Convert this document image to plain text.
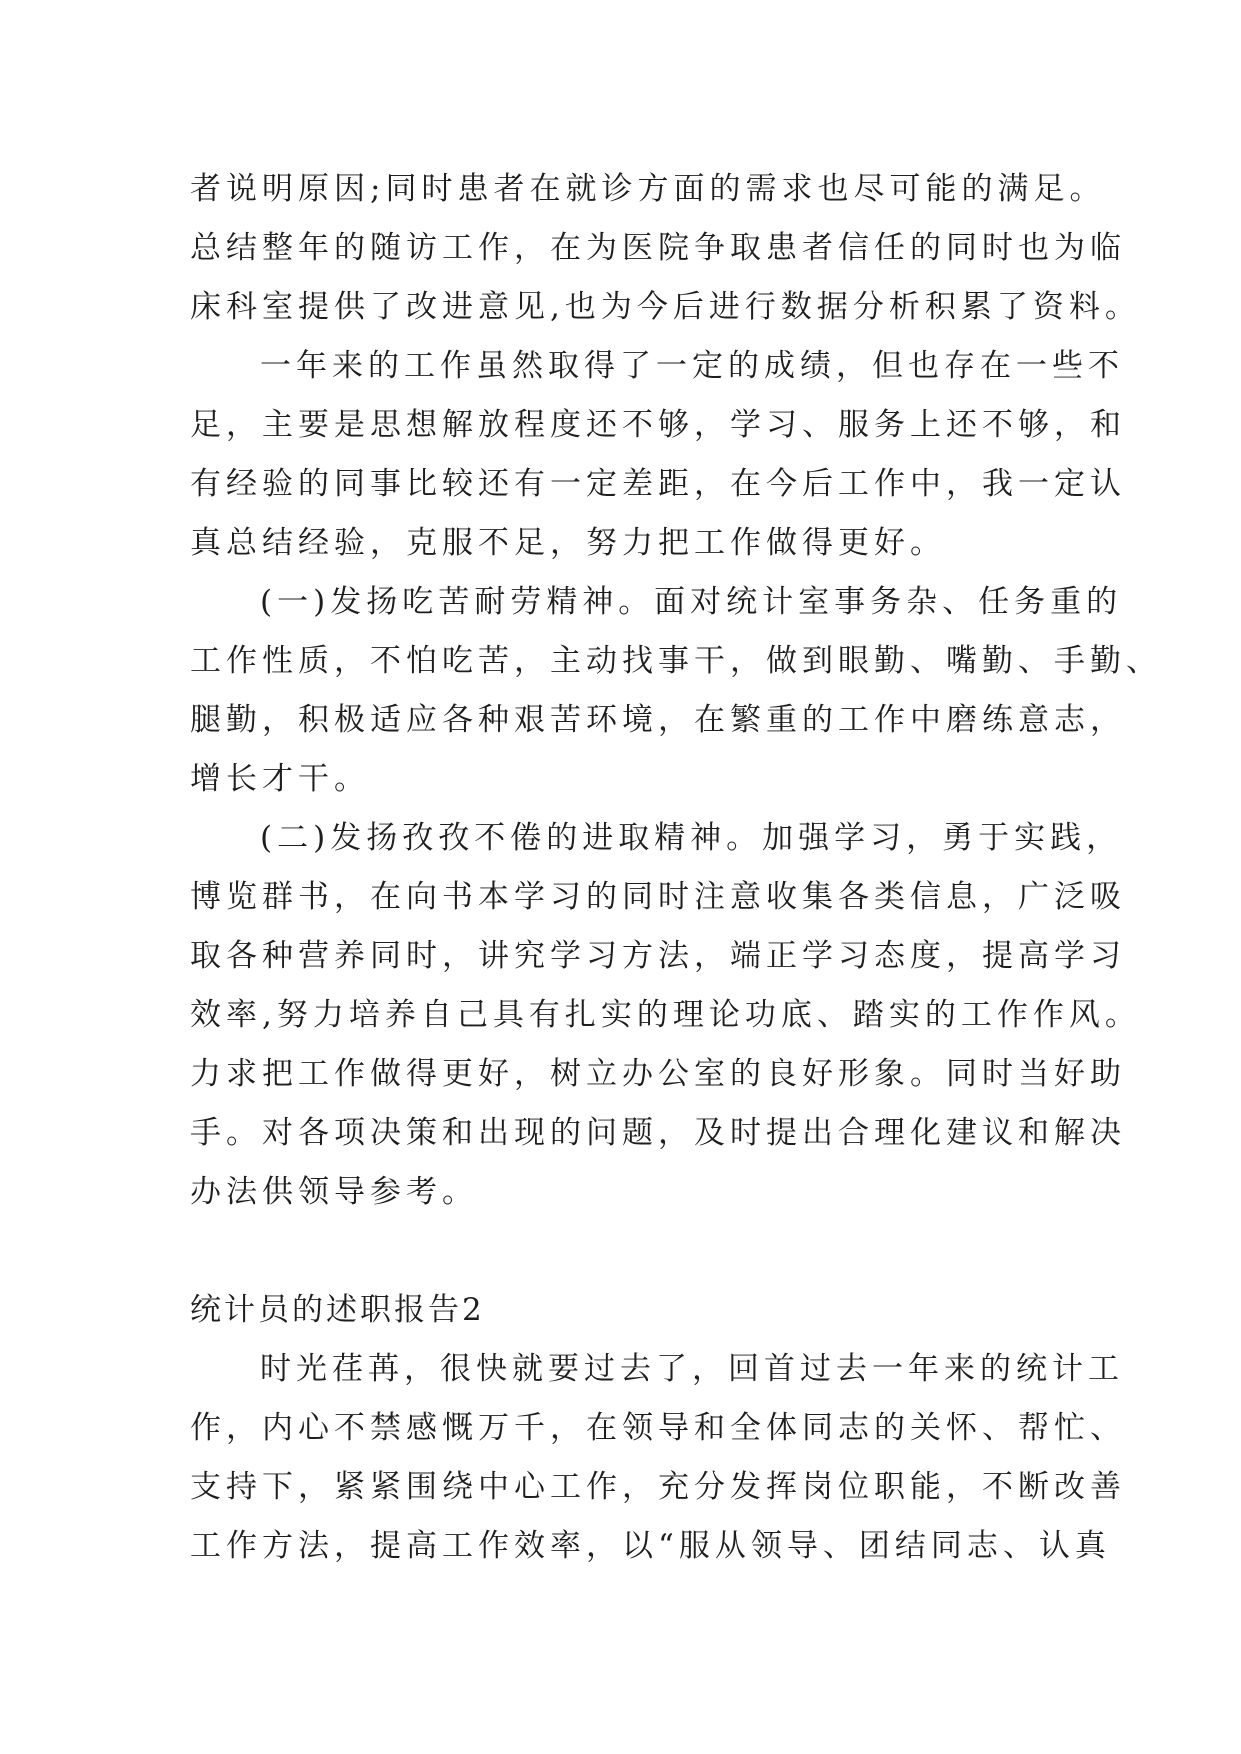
者说明原因;同时患者在就诊方面的需求也尽可能的满足。
总结整年的随访工作，在为医院争取患者信任的同时也为临
床科室提供了改进意见,也为今后进行数据分析积累了资料。
一年来的工作虽然取得了一定的成绩，但也存在一些不
足，主要是思想解放程度还不够，学习、服务上还不够，和
有经验的同事比较还有一定差距，在今后工作中，我一定认
真总结经验，克服不足，努力把工作做得更好。
(一)发扬吃苦耐劳精神。面对统计室事务杂、任务重的
工作性质，不怕吃苦，主动找事干，做到眼勤、嘴勤、手勤、
腿勤，积极适应各种艰苦环境，在繁重的工作中磨练意志，
增长才干。
(二)发扬孜孜不倦的进取精神。加强学习，勇于实践，
博览群书，在向书本学习的同时注意收集各类信息，广泛吸
取各种营养同时，讲究学习方法，端正学习态度，提高学习
效率,努力培养自己具有扎实的理论功底、踏实的工作作风。
力求把工作做得更好，树立办公室的良好形象。同时当好助
手。对各项决策和出现的问题，及时提出合理化建议和解决
办法供领导参考。
统计员的述职报告2
时光荏苒，很快就要过去了，回首过去一年来的统计工
作，内心不禁感慨万千，在领导和全体同志的关怀、帮忙、
支持下，紧紧围绕中心工作，充分发挥岗位职能，不断改善
工作方法，提高工作效率，以“服从领导、团结同志、认真
